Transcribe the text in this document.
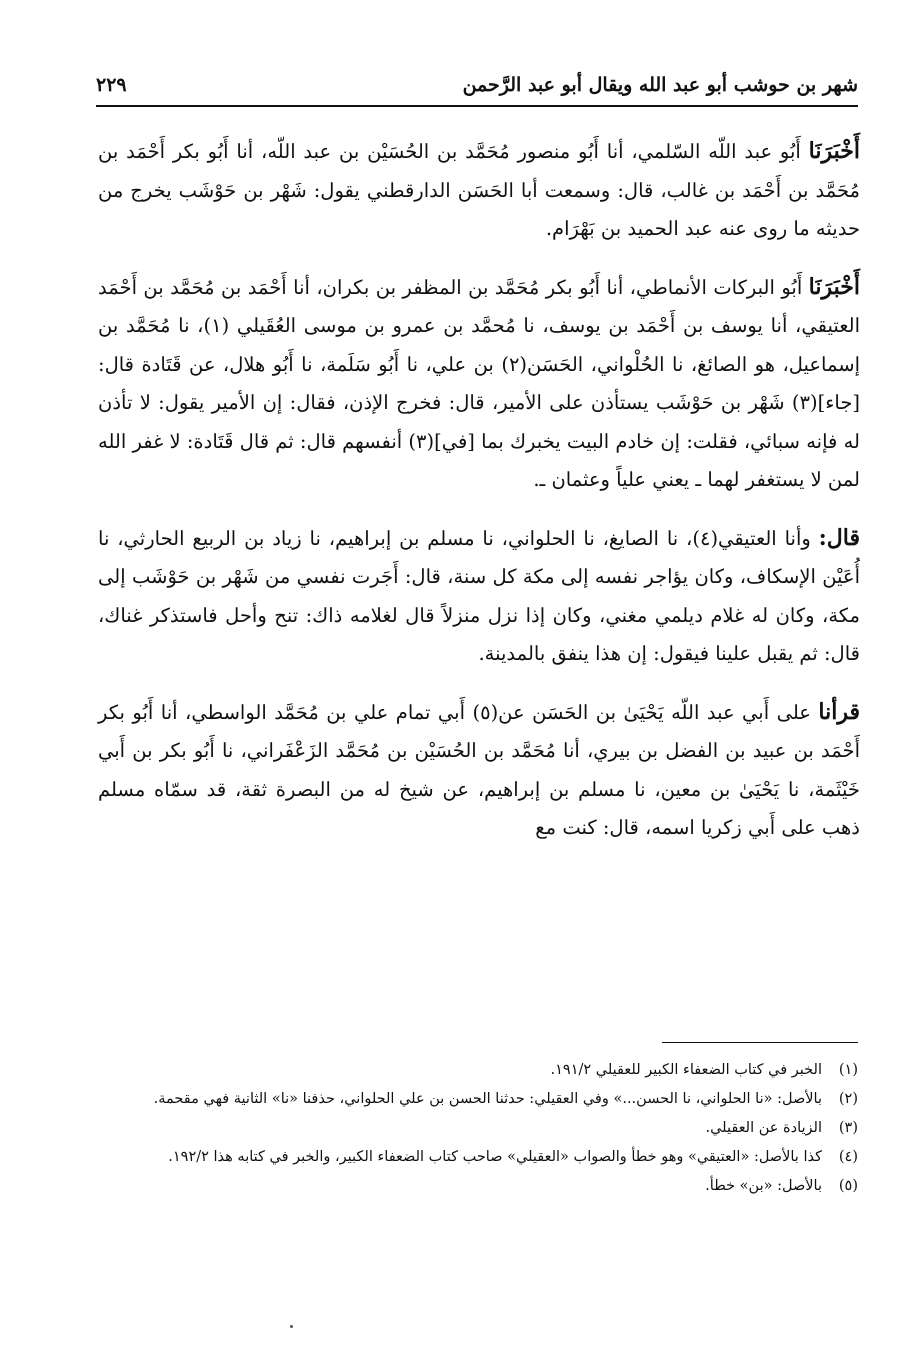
شهر بن حوشب أبو عبد الله ويقال أبو عبد الرَّحمن
٢٢٩

أَخْبَرَنَا أَبُو عبد اللّه السّلمي، أنا أَبُو منصور مُحَمَّد بن الحُسَيْن بن عبد اللّه، أنا أَبُو بكر أَحْمَد بن مُحَمَّد بن أَحْمَد بن غالب، قال: وسمعت أبا الحَسَن الدارقطني يقول: شَهْر بن حَوْشَب يخرج من حديثه ما روى عنه عبد الحميد بن بَهْرَام.

أَخْبَرَنَا أَبُو البركات الأنماطي، أنا أَبُو بكر مُحَمَّد بن المظفر بن بكران، أنا أَحْمَد بن مُحَمَّد بن أَحْمَد العتيقي، أنا يوسف بن أَحْمَد بن يوسف، نا مُحمَّد بن عمرو بن موسى العُقَيلي (١)، نا مُحَمَّد بن إسماعيل، هو الصائغ، نا الحُلْواني، الحَسَن(٢) بن علي، نا أَبُو سَلَمة، نا أَبُو هلال، عن قَتَادة قال: [جاء](٣) شَهْر بن حَوْشَب يستأذن على الأمير، قال: فخرج الإذن، فقال: إن الأمير يقول: لا تأذن له فإنه سبائي، فقلت: إن خادم البيت يخبرك بما [في](٣) أنفسهم قال: ثم قال قَتَادة: لا غفر الله لمن لا يستغفر لهما ـ يعني علياً وعثمان ـ.

قال: وأنا العتيقي(٤)، نا الصايغ، نا الحلواني، نا مسلم بن إبراهيم، نا زياد بن الربيع الحارثي، نا أُعَيْن الإسكاف، وكان يؤاجر نفسه إلى مكة كل سنة، قال: أَجَرت نفسي من شَهْر بن حَوْشَب إلى مكة، وكان له غلام ديلمي مغني، وكان إذا نزل منزلاً قال لغلامه ذاك: تنح وأحل فاستذكر غناك، قال: ثم يقبل علينا فيقول: إن هذا ينفق بالمدينة.

قرأنا على أَبي عبد اللّه يَحْيَىٰ بن الحَسَن عن(٥) أَبي تمام علي بن مُحَمَّد الواسطي، أنا أَبُو بكر أَحْمَد بن عبيد بن الفضل بن بيري، أنا مُحَمَّد بن الحُسَيْن بن مُحَمَّد الزَعْفَراني، نا أَبُو بكر بن أَبي خَيْثَمة، نا يَحْيَىٰ بن معين، نا مسلم بن إبراهيم، عن شيخ له من البصرة ثقة، قد سمّاه مسلم ذهب على أَبي زكريا اسمه، قال: كنت مع

(١)
الخبر في كتاب الضعفاء الكبير للعقيلي ١٩١/٢.
(٢)
بالأصل: «نا الحلواني، نا الحسن...» وفي العقيلي: حدثنا الحسن بن علي الحلواني، حذفنا «نا» الثانية فهي مقحمة.
(٣)
الزيادة عن العقيلي.
(٤)
كذا بالأصل: «العتيقي» وهو خطأ والصواب «العقيلي» صاحب كتاب الضعفاء الكبير، والخبر في كتابه هذا ١٩٢/٢.
(٥)
بالأصل: «بن» خطأ.
